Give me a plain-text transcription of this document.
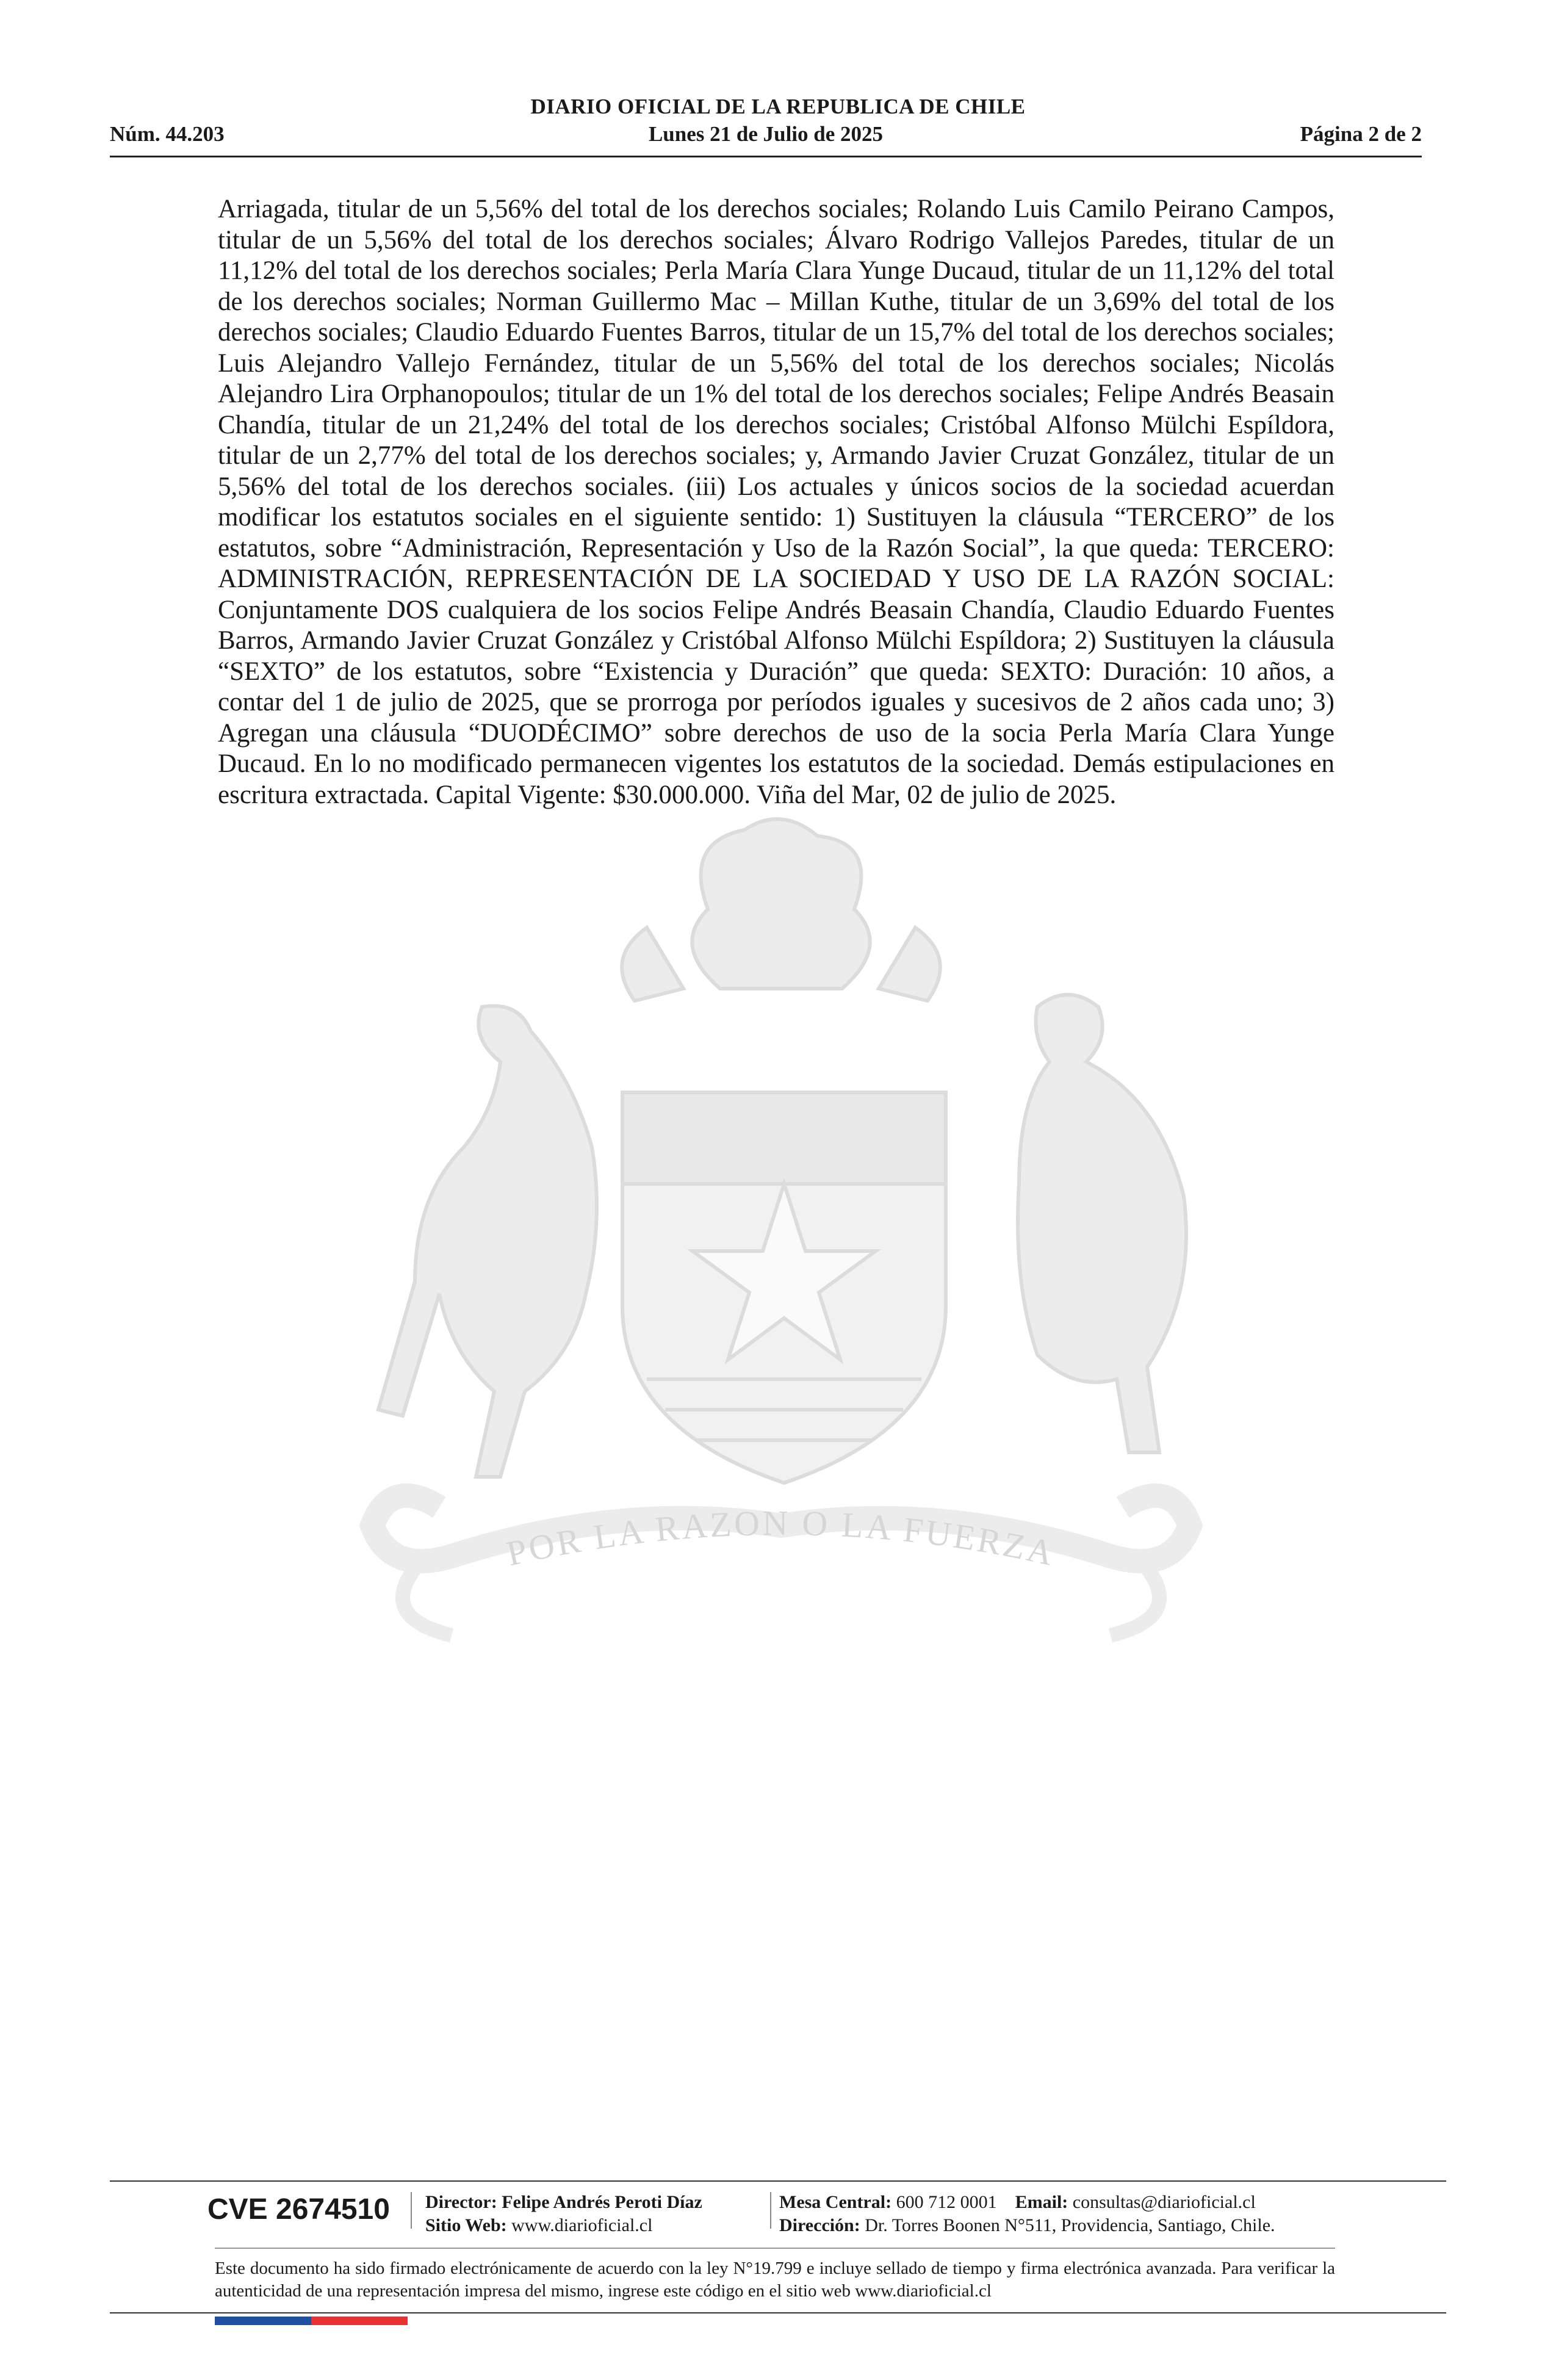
DIARIO OFICIAL DE LA REPUBLICA DE CHILE
Núm. 44.203	Lunes 21 de Julio de 2025	Página 2 de 2
POR LA RAZON O LA FUERZA
Arriagada, titular de un 5,56% del total de los derechos sociales; Rolando Luis Camilo Peirano Campos, titular de un 5,56% del total de los derechos sociales; Álvaro Rodrigo Vallejos Paredes, titular de un 11,12% del total de los derechos sociales; Perla María Clara Yunge Ducaud, titular de un 11,12% del total de los derechos sociales; Norman Guillermo Mac – Millan Kuthe, titular de un 3,69% del total de los derechos sociales; Claudio Eduardo Fuentes Barros, titular de un 15,7% del total de los derechos sociales; Luis Alejandro Vallejo Fernández, titular de un 5,56% del total de los derechos sociales; Nicolás Alejandro Lira Orphanopoulos; titular de un 1% del total de los derechos sociales; Felipe Andrés Beasain Chandía, titular de un 21,24% del total de los derechos sociales; Cristóbal Alfonso Mülchi Espíldora, titular de un 2,77% del total de los derechos sociales; y, Armando Javier Cruzat González, titular de un 5,56% del total de los derechos sociales. (iii) Los actuales y únicos socios de la sociedad acuerdan modificar los estatutos sociales en el siguiente sentido: 1) Sustituyen la cláusula “TERCERO” de los estatutos, sobre “Administración, Representación y Uso de la Razón Social”, la que queda: TERCERO: ADMINISTRACIÓN, REPRESENTACIÓN DE LA SOCIEDAD Y USO DE LA RAZÓN SOCIAL: Conjuntamente DOS cualquiera de los socios Felipe Andrés Beasain Chandía, Claudio Eduardo Fuentes Barros, Armando Javier Cruzat González y Cristóbal Alfonso Mülchi Espíldora; 2) Sustituyen la cláusula “SEXTO” de los estatutos, sobre “Existencia y Duración” que queda: SEXTO: Duración: 10 años, a contar del 1 de julio de 2025, que se prorroga por períodos iguales y sucesivos de 2 años cada uno; 3) Agregan una cláusula “DUODÉCIMO” sobre derechos de uso de la socia Perla María Clara Yunge Ducaud. En lo no modificado permanecen vigentes los estatutos de la sociedad. Demás estipulaciones en escritura extractada. Capital Vigente: $30.000.000. Viña del Mar, 02 de julio de 2025.
CVE 2674510	Director: Felipe Andrés Peroti Díaz
Sitio Web: www.diarioficial.cl
Mesa Central: 600 712 0001 Email: consultas@diarioficial.cl
Dirección: Dr. Torres Boonen N°511, Providencia, Santiago, Chile.
Este documento ha sido firmado electrónicamente de acuerdo con la ley N°19.799 e incluye sellado de tiempo y firma electrónica avanzada. Para verificar la autenticidad de una representación impresa del mismo, ingrese este código en el sitio web www.diarioficial.cl
